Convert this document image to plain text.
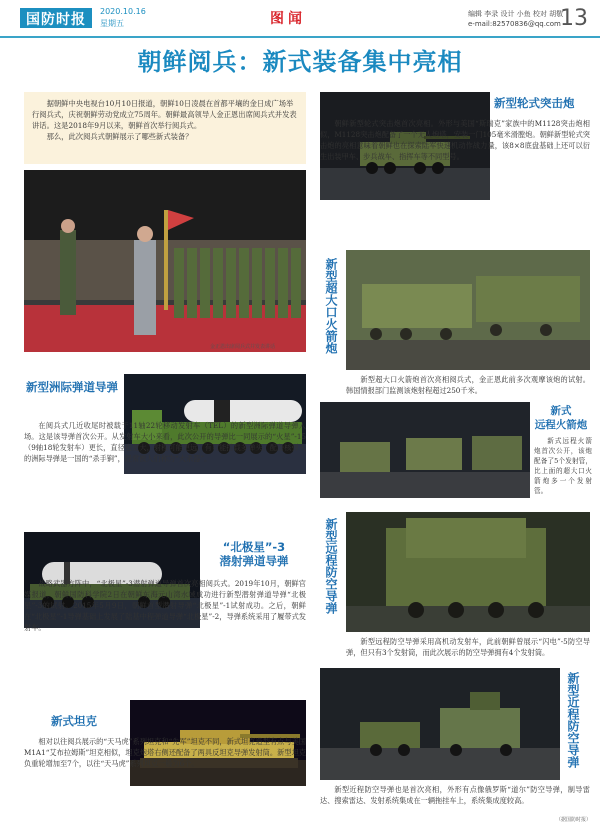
国防时报
2020.10.16
星期五	图闻	编辑 李录 设计 小鱼 校对 胡敬
e-mail:82570836@qq.com 13
朝鲜阅兵：新式装备集中亮相

据朝鲜中央电视台10月10日报道，朝鲜10日凌晨在首都平壤的金日成广场举行阅兵式，庆祝朝鲜劳动党成立75周年。朝鲜最高领导人金正恩出席阅兵式并发表讲话。这是2018年9月以来，朝鲜首次举行阅兵式。

那么，此次阅兵式朝鲜展示了哪些新式装备？

金正恩出席阅兵式并发表讲话
新型洲际弹道导弹
在阅兵式几近收尾时被载于11轴22轮移动发射车（TEL）的新型洲际弹道导弹入场。这是该导弹首次公开。从发射车大小来看，此次公开的导弹比一同展示的“火星”-15（9轴18轮发射车）更长，直径也更大，射程可能更远，有可能搭载多弹头。配备核弹头的洲际导弹是一国的“杀手锏”，经常被人们称为“大杀器”。
“北极星”-3
潜射弹道导弹
战略武器方阵中，“北极星”-3潜射弹道导弹首次亮相阅兵式。2019年10月，朝鲜官媒报道，朝鲜国防科学院2日在朝鲜东海元山湾水域成功进行新型潜射弹道导弹“北极星”-3的试射。2015年5月9日，朝鲜首型潜射导弹“北极星”-1试射成功。之后，朝鲜在“北极星”-1导弹基础上发展了陆基中程弹道导弹“北极星”-2，导弹系统采用了履带式发射车。
新式坦克
相对以往阅兵展示的“天马虎”系列坦克和“先军”坦克不同，新式坦克造型有点与美国M1A1“艾布拉姆斯”坦克相似，坦克炮塔右侧还配备了两具反坦克导弹发射筒。新型坦克负重轮增加至7个，以往“天马虎”系列坦克一般为6个。
新型轮式突击炮
朝鲜新型轮式突击炮首次亮相。外形与美国“斯瑞克”家族中的M1128突击炮相似，M1128突击炮配备了一个无人炮塔，安装一门105毫米滑膛炮。朝鲜新型轮式突击炮的亮相意味着朝鲜也在探索陆军快速机动作战力量，该8×8底盘基础上还可以衍生出装甲车、步兵战车、指挥车等不同型号。
新型超大口火箭炮
新型超大口火箭炮首次亮相阅兵式，金正恩此前多次观摩该炮的试射。韩国情报部门监测该炮射程超过250千米。
新式
远程火箭炮
新式远程火箭炮首次公开，该炮配备了5个发射管，比上面的超大口火箭炮多一个发射管。
新型远程防空导弹
新型远程防空导弹采用高机动发射车，此前朝鲜曾展示“闪电”-5防空导弹，但只有3个发射筒，而此次展示的防空导弹拥有4个发射筒。
新型近程防空导弹
新型近程防空导弹也是首次亮相，外形有点像俄罗斯“道尔”防空导弹，制导雷达、搜索雷达、发射系统集成在一辆拖挂车上，系统集成度较高。
（据国防时报）
